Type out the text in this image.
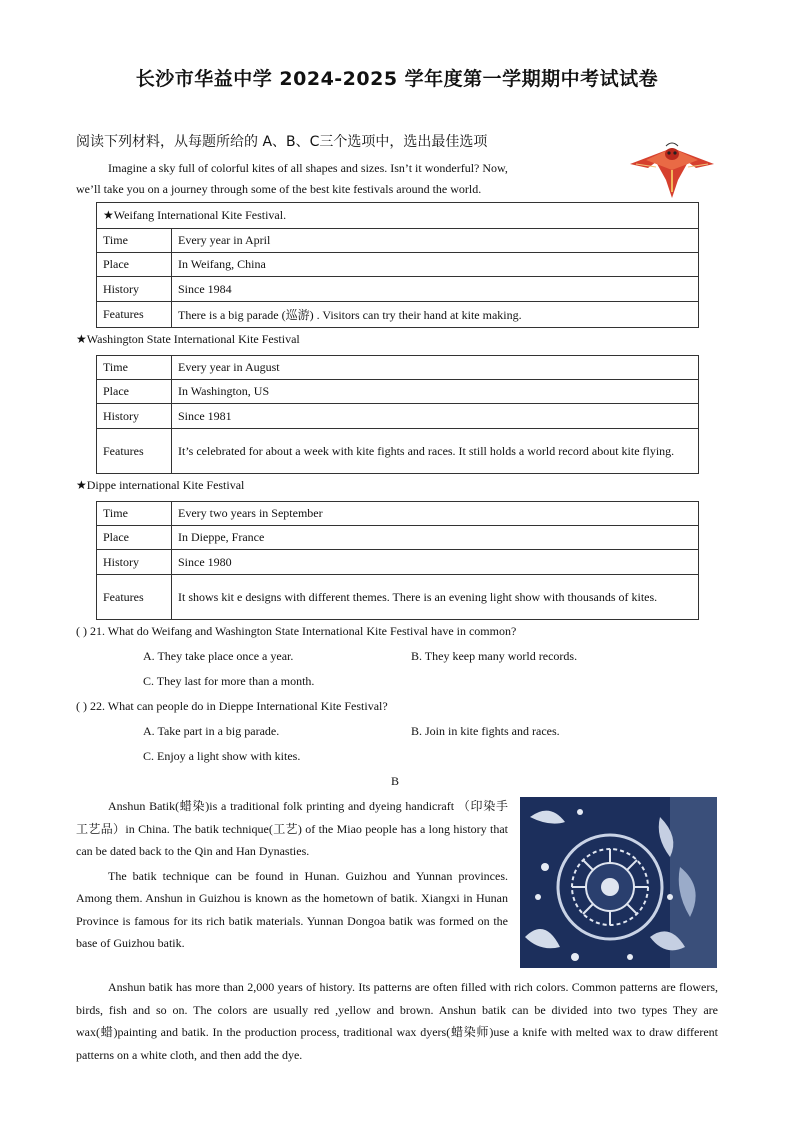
长沙市华益中学 2024-2025 学年度第一学期期中考试试卷
阅读下列材料，从每题所给的 A、B、C三个选项中，选出最佳选项
Imagine a sky full of colorful kites of all shapes and sizes. Isn’t it wonderful? Now,
we’ll take you on a journey through some of the best kite festivals around the world.
★Weifang International Kite Festival.	
Time	Every year in April
Place	In Weifang, China
History	Since 1984
Features	There is a big parade (巡游) . Visitors can try their hand at kite making.
★Washington State International Kite Festival
Time	Every year in August
Place	In Washington, US
History	Since 1981
Features	It’s celebrated for about a week with kite fights and races. It still holds a world record about kite flying.
★Dippe international Kite Festival
Time	Every two years in September
Place	In Dieppe, France
History	Since 1980
Features	It shows kit e designs with different themes. There is an evening light show with thousands of kites.
( ) 21. What do Weifang and Washington State International Kite Festival have in common?
A. They take place once a year.	B. They keep many world records.
C. They last for more than a month.
( ) 22. What can people do in Dieppe International Kite Festival?
A. Take part in a big parade.	B. Join in kite fights and races.
C. Enjoy a light show with kites.
B

Anshun Batik(蜡染)is a traditional folk printing and dyeing handicraft （印染手工艺品）in China. The batik technique(工艺) of the Miao people has a long history that can be dated back to the Qin and Han Dynasties.

The batik technique can be found in Hunan. Guizhou and Yunnan provinces. Among them. Anshun in Guizhou is known as the hometown of batik. Xiangxi in Hunan Province is famous for its rich batik materials. Yunnan Dongoa batik was formed on the base of Guizhou batik.

Anshun batik has more than 2,000 years of history. Its patterns are often filled with rich colors. Common patterns are flowers, birds, fish and so on. The colors are usually red ,yellow and brown. Anshun batik can be divided into two types They are wax(蜡)painting and batik. In the production process, traditional wax dyers(蜡染师)use a knife with melted wax to draw different patterns on a white cloth, and then add the dye.
